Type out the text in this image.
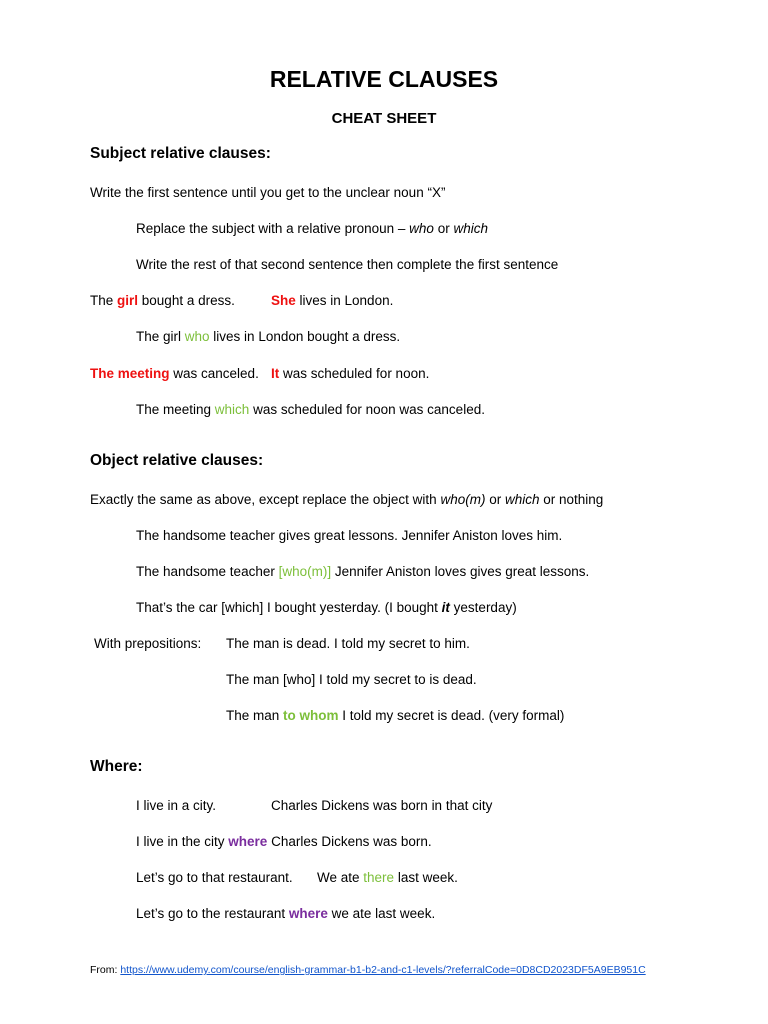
RELATIVE CLAUSES
CHEAT SHEET
Subject relative clauses:
Write the first sentence until you get to the unclear noun “X”
Replace the subject with a relative pronoun – who or which
Write the rest of that second sentence then complete the first sentence
The girl bought a dress.	She lives in London.
The girl who lives in London bought a dress.
The meeting was canceled. It was scheduled for noon.
The meeting which was scheduled for noon was canceled.
Object relative clauses:
Exactly the same as above, except replace the object with who(m) or which or nothing
The handsome teacher gives great lessons. Jennifer Aniston loves him.
The handsome teacher [who(m)] Jennifer Aniston loves gives great lessons.
That’s the car [which] I bought yesterday. (I bought it yesterday)
With prepositions: The man is dead. I told my secret to him.
The man [who] I told my secret to is dead.
The man to whom I told my secret is dead. (very formal)
Where:
I live in a city.	Charles Dickens was born in that city
I live in the city where Charles Dickens was born.
Let’s go to that restaurant. We ate there last week.
Let’s go to the restaurant where we ate last week.
From: https://www.udemy.com/course/english-grammar-b1-b2-and-c1-levels/?referralCode=0D8CD2023DF5A9EB951C
